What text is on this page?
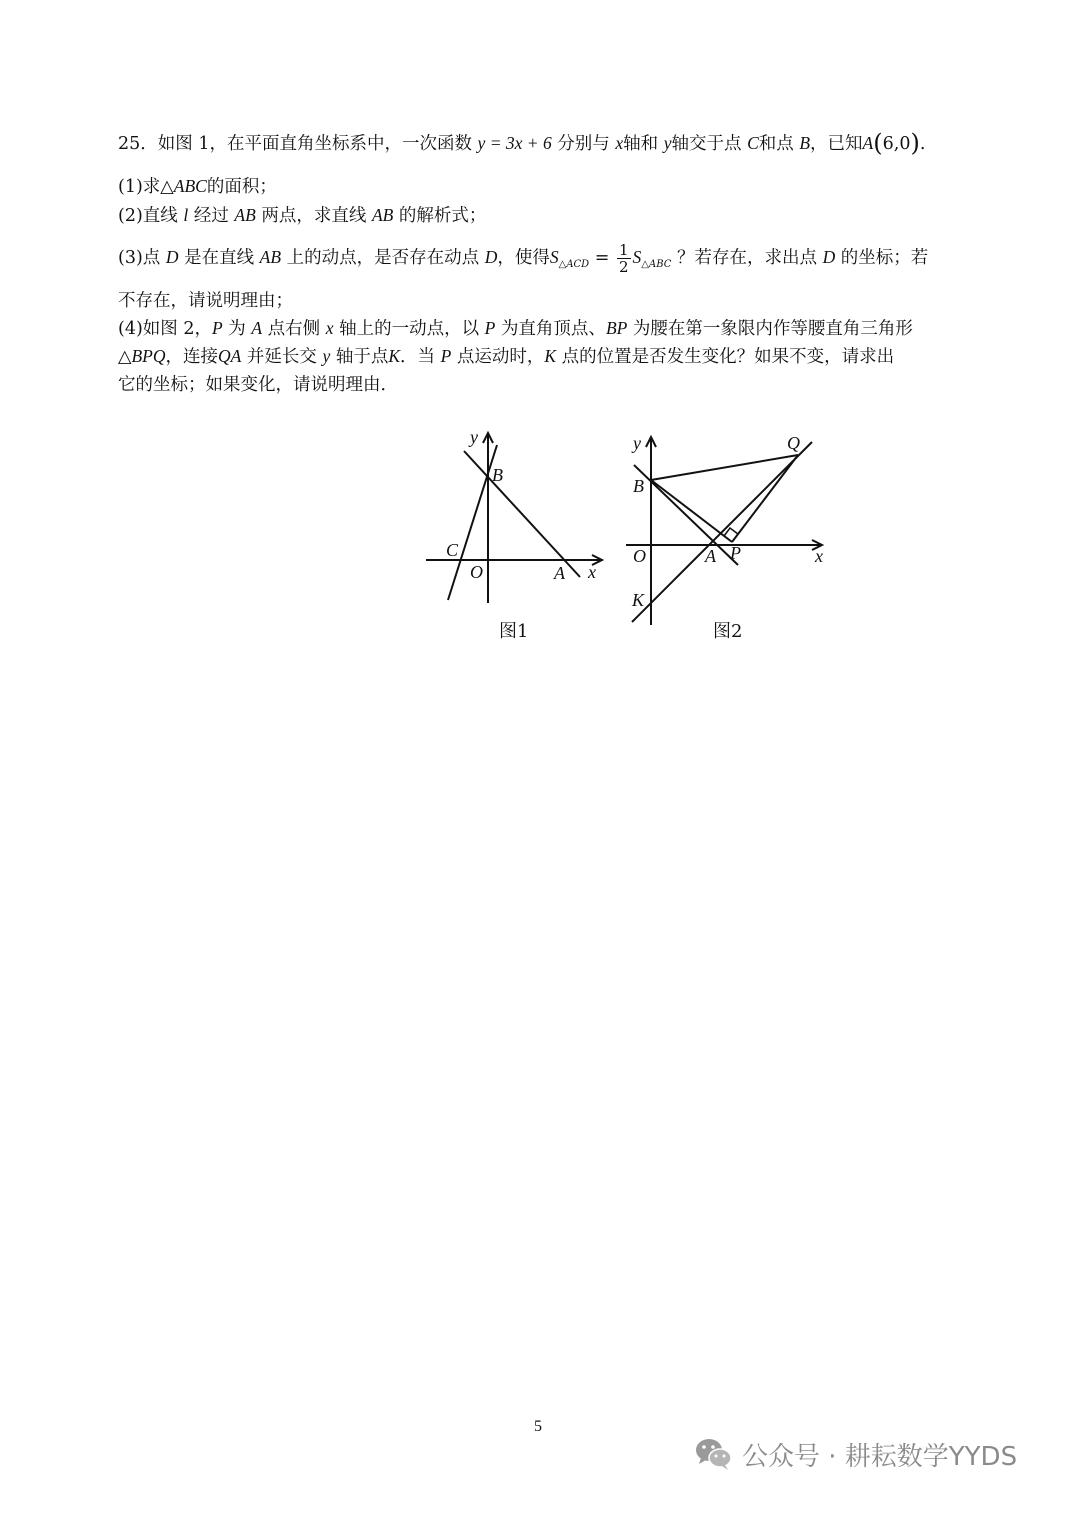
25．如图 1，在平面直角坐标系中，一次函数 y = 3x + 6 分别与 x轴和 y轴交于点 C和点 B，已知A(6,0).
(1)求△ABC的面积；
(2)直线 l 经过 AB 两点，求直线 AB 的解析式；
(3)点 D 是在直线 AB 上的动点，是否存在动点 D，使得$S_{\triangle ACD} = \frac{1}{2} S_{\triangle ABC}$ ？若存在，求出点 D 的坐标；若
不存在，请说明理由；
(4)如图 2，P 为 A 点右侧 x 轴上的一动点，以 P 为直角顶点、BP 为腰在第一象限内作等腰直角三角形
△BPQ，连接QA 并延长交 y 轴于点K．当 P 点运动时，K 点的位置是否发生变化？如果不变，请求出
它的坐标；如果变化，请说明理由．
y
B
C
O	A x
图1
y	Q
B
O	A P	x
K
图2
5
公众号 · 耕耘数学YYDS
